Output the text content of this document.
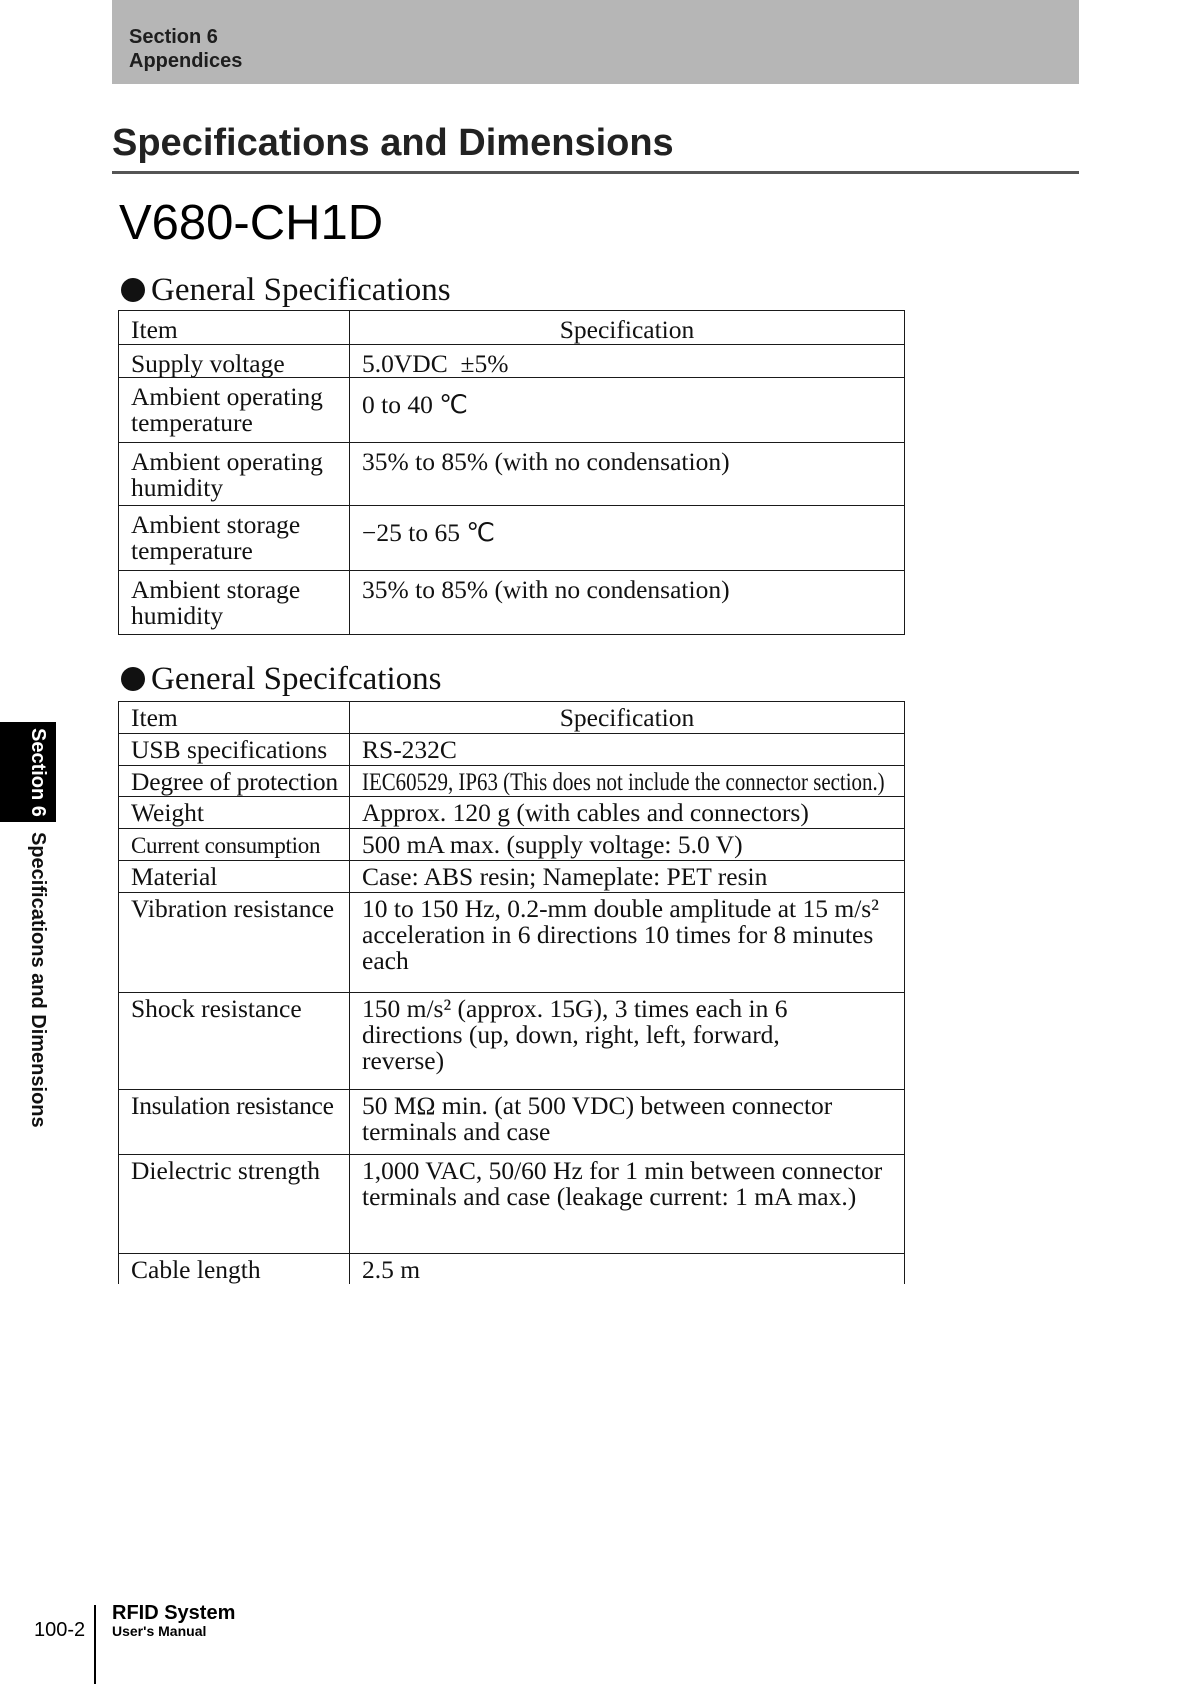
Section 6
Appendices
Specifications and Dimensions
V680-CH1D
General Specifications
Item	Specification
Supply voltage	5.0VDC  ±5%
Ambient operating
temperature	0 to 40 ℃
Ambient operating
humidity	35% to 85% (with no condensation)
Ambient storage
temperature	−25 to 65 ℃
Ambient storage
humidity	35% to 85% (with no condensation)
General Specifcations
Item	Specification
USB specifications	RS-232C
Degree of protection	IEC60529, IP63 (This does not include the connector section.)
Weight	Approx. 120 g (with cables and connectors)
Current consumption	500 mA max. (supply voltage: 5.0 V)
Material	Case: ABS resin; Nameplate: PET resin
Vibration resistance	10 to 150 Hz, 0.2-mm double amplitude at 15 m/s²
acceleration in 6 directions 10 times for 8 minutes
each
Shock resistance	150 m/s² (approx. 15G), 3 times each in 6
directions (up, down, right, left, forward,
reverse)
Insulation resistance	50 MΩ min. (at 500 VDC) between connector
terminals and case
Dielectric strength	1,000 VAC, 50/60 Hz for 1 min between connector
terminals and case (leakage current: 1 mA max.)
Cable length	2.5 m
Section 6
Specifications and Dimensions
100-2
RFID System
User's Manual
